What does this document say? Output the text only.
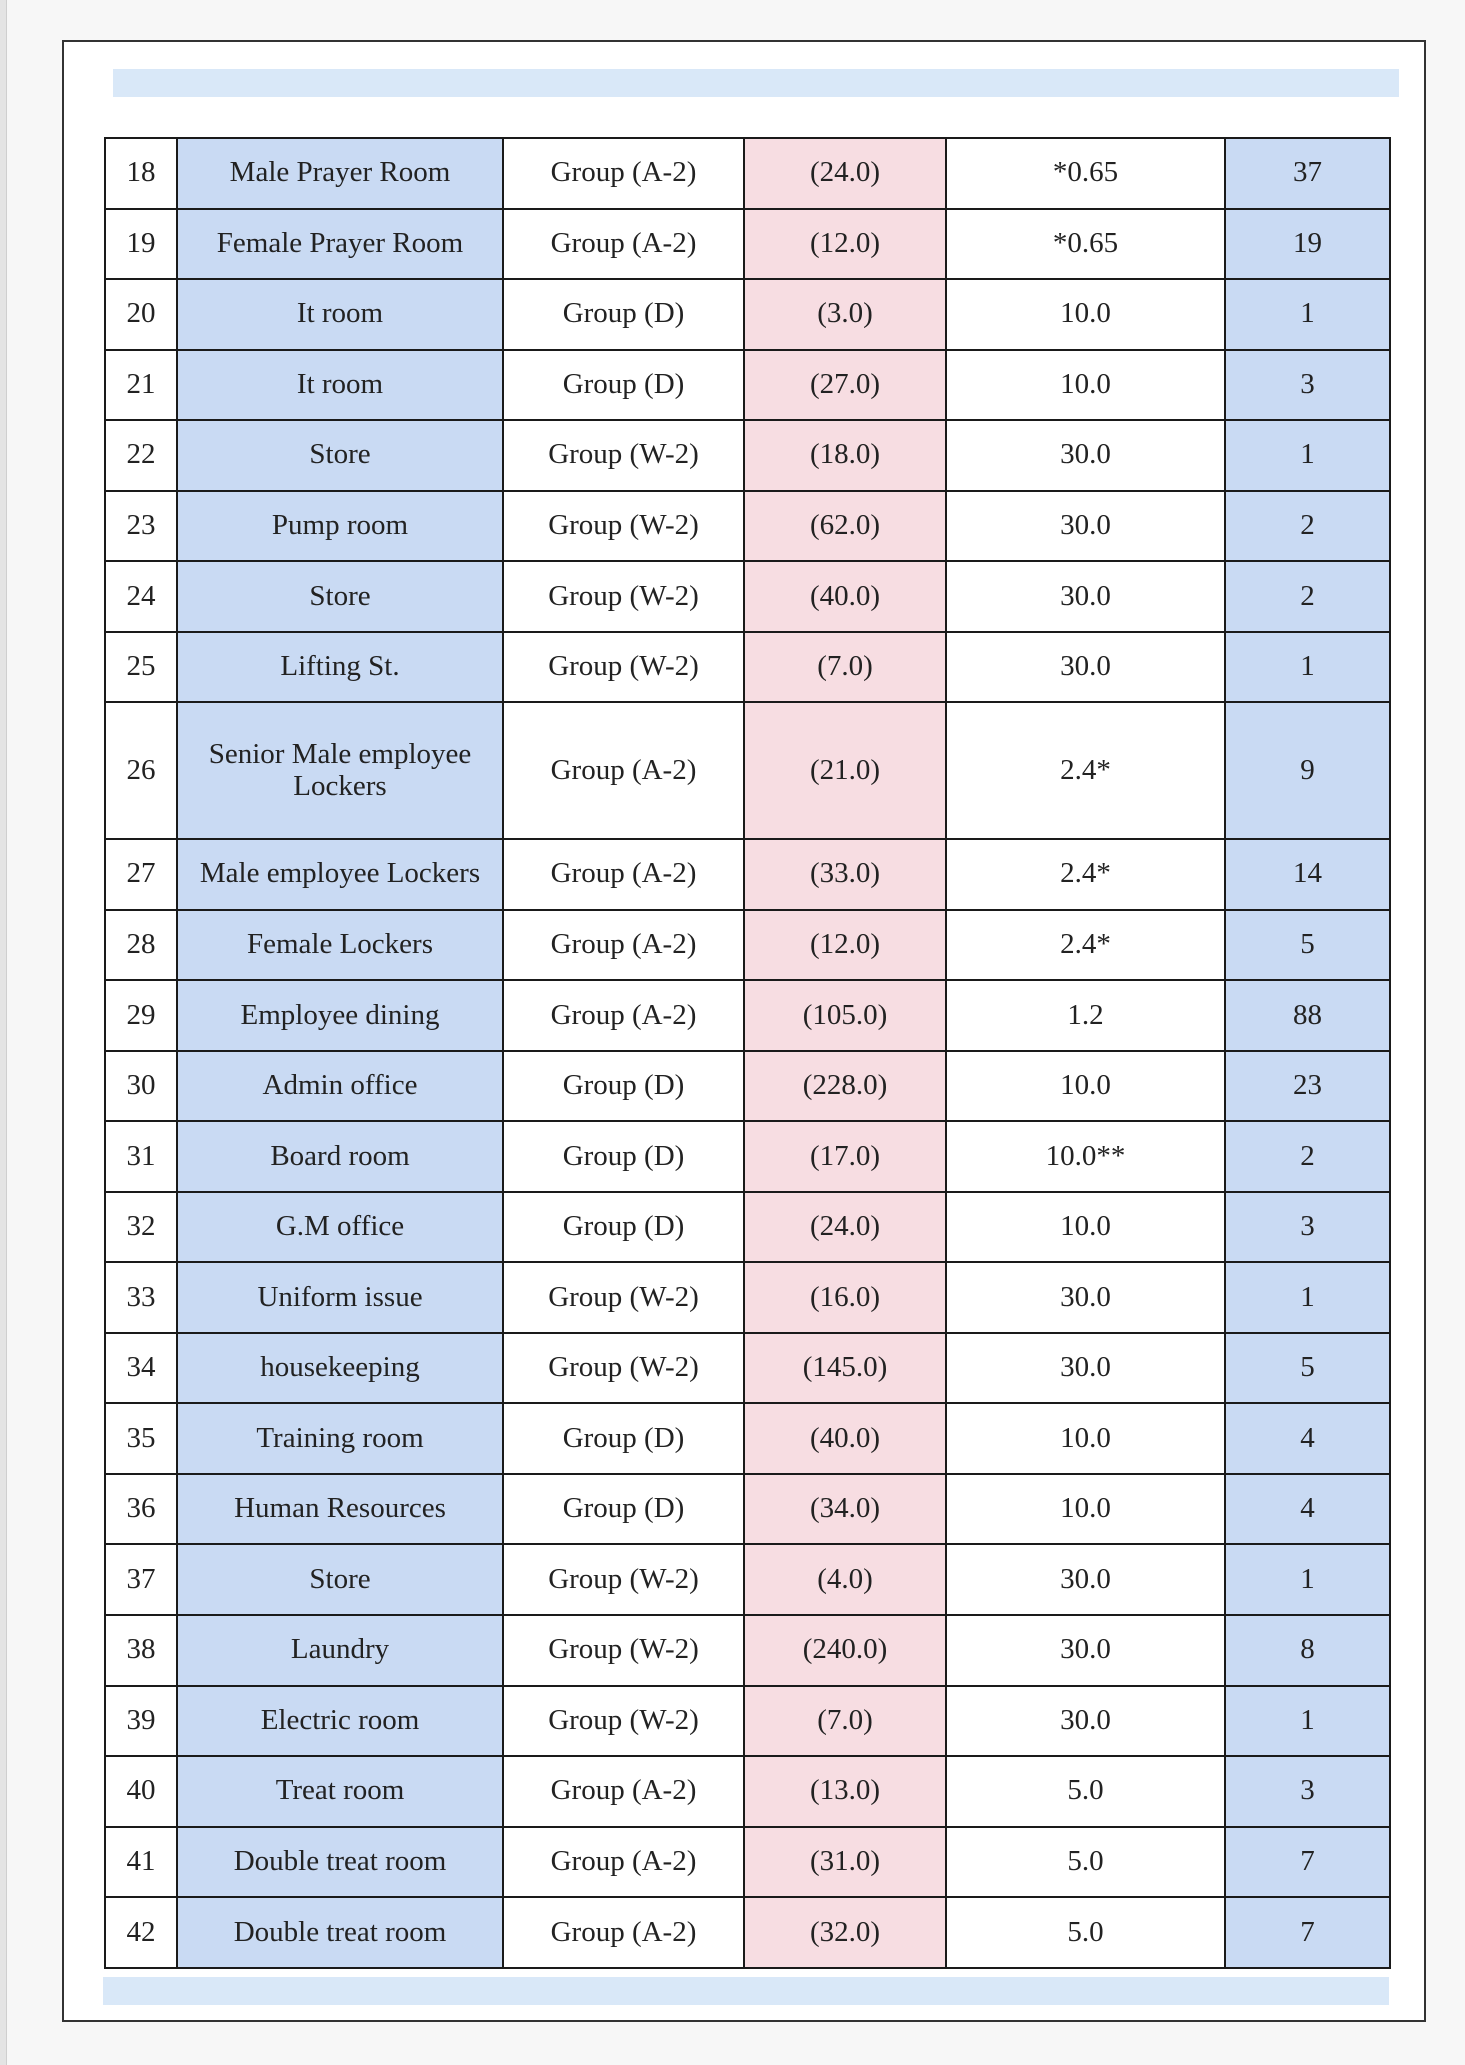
18	Male Prayer Room	Group (A-2)	(24.0)	*0.65	37
19	Female Prayer Room	Group (A-2)	(12.0)	*0.65	19
20	It room	Group (D)	(3.0)	10.0	1
21	It room	Group (D)	(27.0)	10.0	3
22	Store	Group (W-2)	(18.0)	30.0	1
23	Pump room	Group (W-2)	(62.0)	30.0	2
24	Store	Group (W-2)	(40.0)	30.0	2
25	Lifting St.	Group (W-2)	(7.0)	30.0	1
26	Senior Male employee Lockers	Group (A-2)	(21.0)	2.4*	9
27	Male employee Lockers	Group (A-2)	(33.0)	2.4*	14
28	Female Lockers	Group (A-2)	(12.0)	2.4*	5
29	Employee dining	Group (A-2)	(105.0)	1.2	88
30	Admin office	Group (D)	(228.0)	10.0	23
31	Board room	Group (D)	(17.0)	10.0**	2
32	G.M office	Group (D)	(24.0)	10.0	3
33	Uniform issue	Group (W-2)	(16.0)	30.0	1
34	housekeeping	Group (W-2)	(145.0)	30.0	5
35	Training room	Group (D)	(40.0)	10.0	4
36	Human Resources	Group (D)	(34.0)	10.0	4
37	Store	Group (W-2)	(4.0)	30.0	1
38	Laundry	Group (W-2)	(240.0)	30.0	8
39	Electric room	Group (W-2)	(7.0)	30.0	1
40	Treat room	Group (A-2)	(13.0)	5.0	3
41	Double treat room	Group (A-2)	(31.0)	5.0	7
42	Double treat room	Group (A-2)	(32.0)	5.0	7
